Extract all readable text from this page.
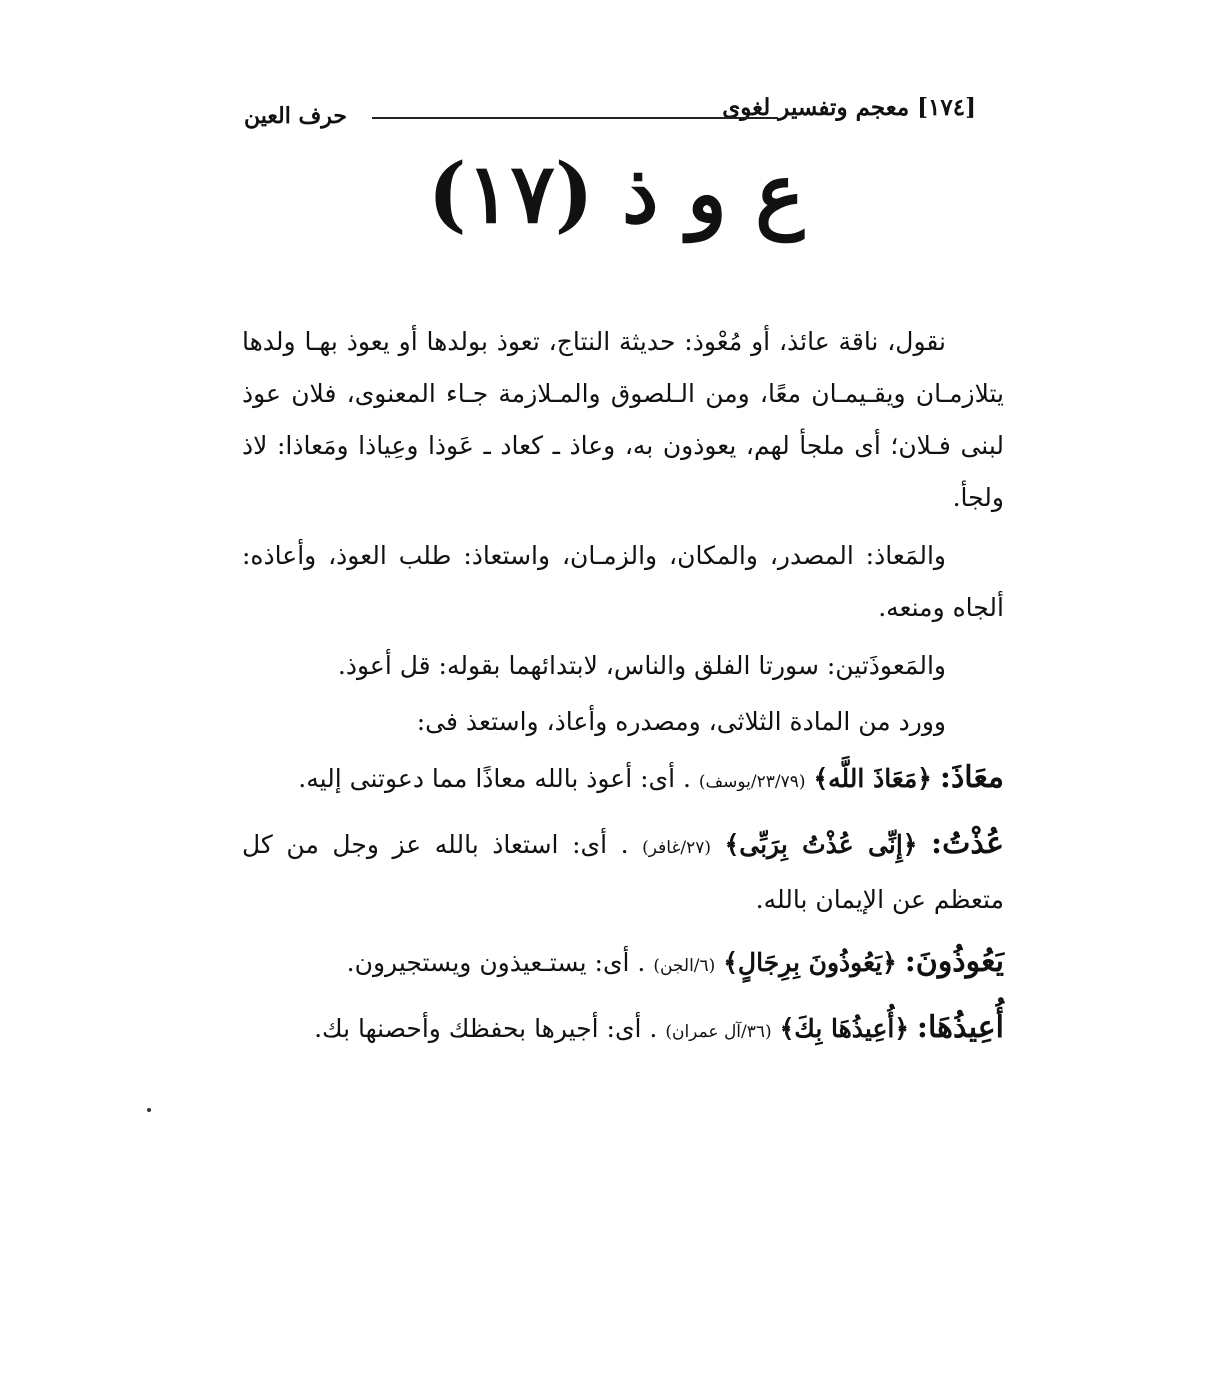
[١٧٤] معجم وتفسير لغوى
حرف العين
ع و ذ (١٧)

نقول، ناقة عائذ، أو مُعْوذ: حديثة النتاج، تعوذ بولدها أو يعوذ بهـا ولدها يتلازمـان ويقـيمـان معًا، ومن الـلصوق والمـلازمة جـاء المعنوى، فلان عوذ لبنى فـلان؛ أى ملجأ لهم، يعوذون به، وعاذ ـ كعاد ـ عَوذا وعِياذا ومَعاذا: لاذ ولجأ.

والمَعاذ: المصدر، والمكان، والزمـان، واستعاذ: طلب العوذ، وأعاذه: ألجاه ومنعه.

والمَعوذَتين: سورتا الفلق والناس، لابتدائهما بقوله: قل أعوذ.

وورد من المادة الثلاثى، ومصدره وأعاذ، واستعذ فى:

معَاذَ: ﴿مَعَاذَ اللَّه﴾ (٢٣/٧٩/يوسف) . أى: أعوذ بالله معاذًا مما دعوتنى إليه.

عُذْتُ: ﴿إِنِّى عُذْتُ بِرَبِّى﴾ (٢٧/غافر) . أى: استعاذ بالله عز وجل من كل متعظم عن الإيمان بالله.

يَعُوذُونَ: ﴿يَعُوذُونَ بِرِجَالٍ﴾ (٦/الجن) . أى: يستـعيذون ويستجيرون.

أُعِيذُهَا: ﴿أُعِيذُهَا بِكَ﴾ (٣٦/آل عمران) . أى: أجيرها بحفظك وأحصنها بك.
